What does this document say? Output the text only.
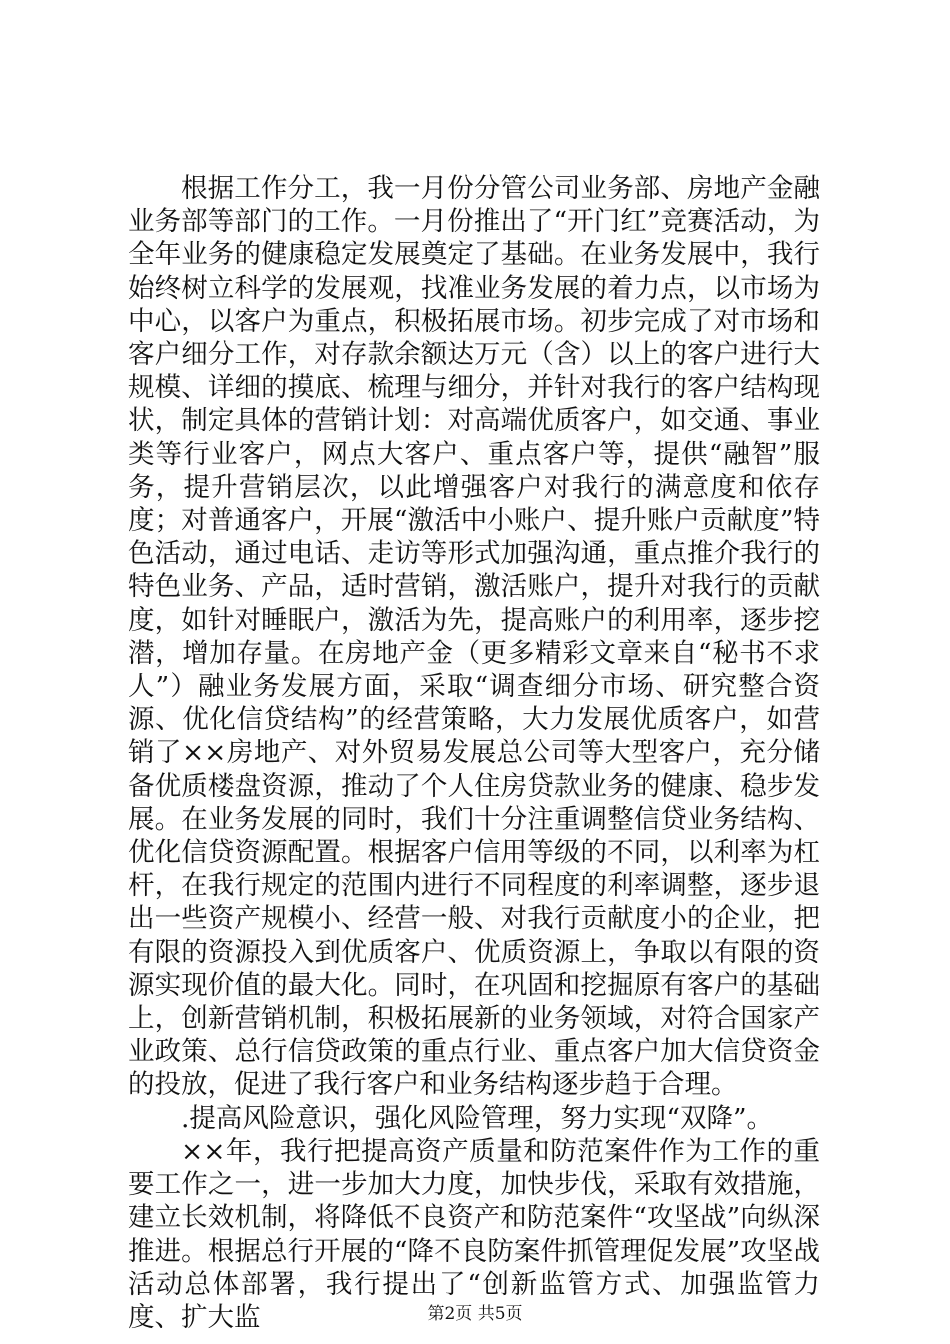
根据工作分工，我一月份分管公司业务部、房地产金融业务部等部门的工作。一月份推出了“开门红”竞赛活动，为全年业务的健康稳定发展奠定了基础。在业务发展中，我行始终树立科学的发展观，找准业务发展的着力点，以市场为中心，以客户为重点，积极拓展市场。初步完成了对市场和客户细分工作，对存款余额达万元（含）以上的客户进行大规模、详细的摸底、梳理与细分，并针对我行的客户结构现状，制定具体的营销计划：对高端优质客户，如交通、事业类等行业客户，网点大客户、重点客户等，提供“融智”服务，提升营销层次，以此增强客户对我行的满意度和依存度；对普通客户，开展“激活中小账户、提升账户贡献度”特色活动，通过电话、走访等形式加强沟通，重点推介我行的特色业务、产品，适时营销，激活账户，提升对我行的贡献度，如针对睡眠户，激活为先，提高账户的利用率，逐步挖潜，增加存量。在房地产金（更多精彩文章来自“秘书不求人”）融业务发展方面，采取“调查细分市场、研究整合资源、优化信贷结构”的经营策略，大力发展优质客户，如营销了××房地产、对外贸易发展总公司等大型客户，充分储备优质楼盘资源，推动了个人住房贷款业务的健康、稳步发展。在业务发展的同时，我们十分注重调整信贷业务结构、优化信贷资源配置。根据客户信用等级的不同，以利率为杠杆，在我行规定的范围内进行不同程度的利率调整，逐步退出一些资产规模小、经营一般、对我行贡献度小的企业，把有限的资源投入到优质客户、优质资源上，争取以有限的资源实现价值的最大化。同时，在巩固和挖掘原有客户的基础上，创新营销机制，积极拓展新的业务领域，对符合国家产业政策、总行信贷政策的重点行业、重点客户加大信贷资金的投放，促进了我行客户和业务结构逐步趋于合理。

.提高风险意识，强化风险管理，努力实现“双降”。

××年，我行把提高资产质量和防范案件作为工作的重要工作之一，进一步加大力度，加快步伐，采取有效措施，建立长效机制，将降低不良资产和防范案件“攻坚战”向纵深推进。根据总行开展的“降不良防案件抓管理促发展”攻坚战活动总体部署，我行提出了“创新监管方式、加强监管力度、扩大监	第2页 共5页
